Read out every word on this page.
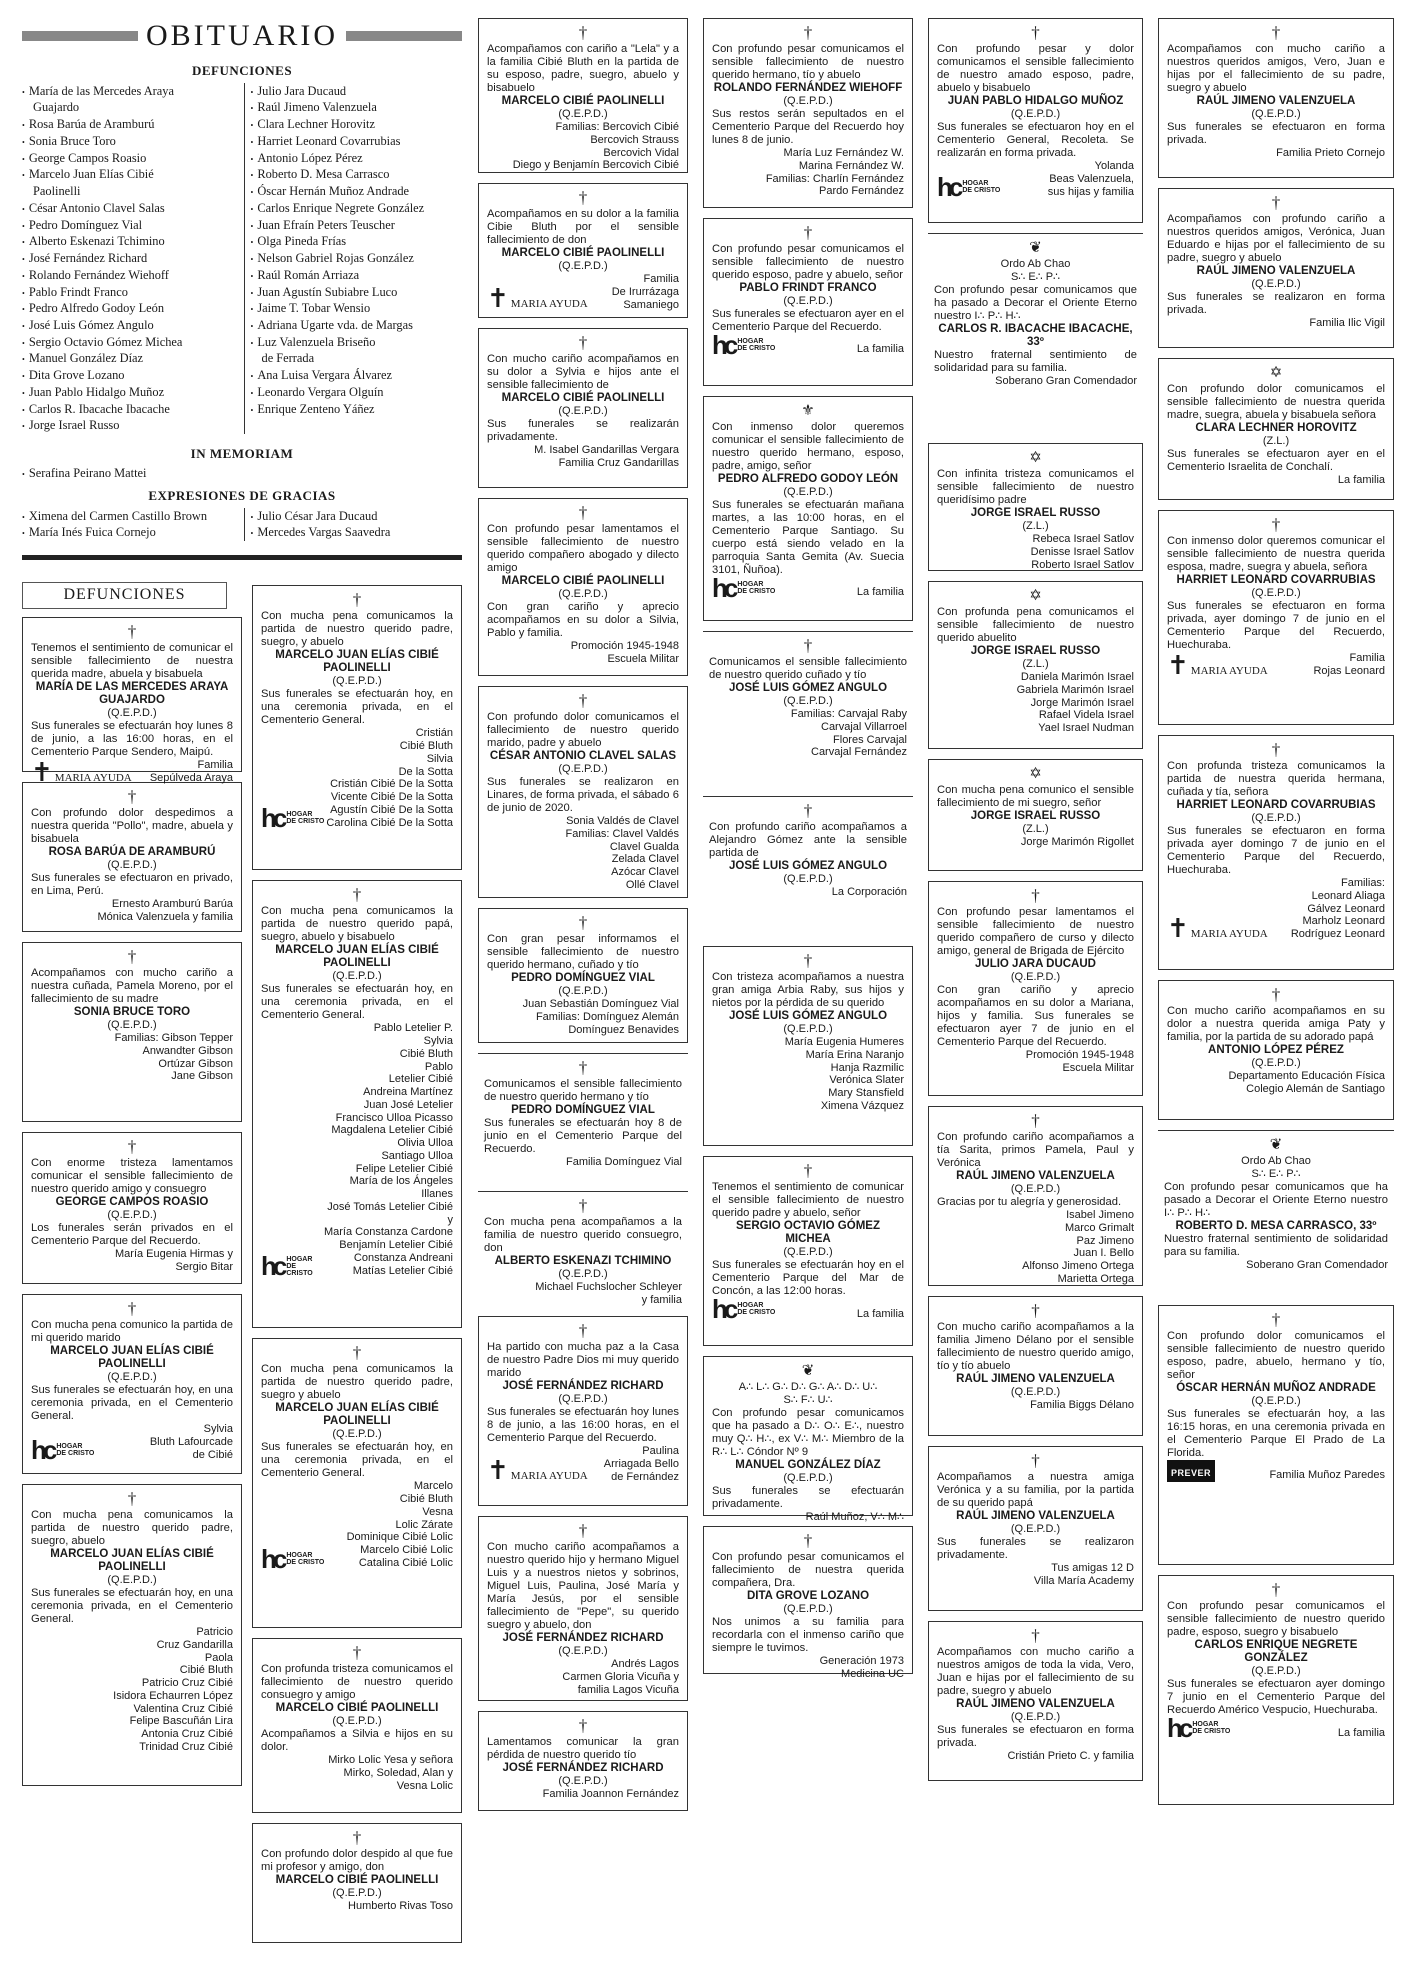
OBITUARIO
DEFUNCIONES
• María de las Mercedes Araya
Guajardo
• Rosa Barúa de Aramburú
• Sonia Bruce Toro
• George Campos Roasio
• Marcelo Juan Elías Cibié
Paolinelli
• César Antonio Clavel Salas
• Pedro Domínguez Vial
• Alberto Eskenazi Tchimino
• José Fernández Richard
• Rolando Fernández Wiehoff
• Pablo Frindt Franco
• Pedro Alfredo Godoy León
• José Luis Gómez Angulo
• Sergio Octavio Gómez Michea
• Manuel González Díaz
• Dita Grove Lozano
• Juan Pablo Hidalgo Muñoz
• Carlos R. Ibacache Ibacache
• Jorge Israel Russo
• Julio Jara Ducaud
• Raúl Jimeno Valenzuela
• Clara Lechner Horovitz
• Harriet Leonard Covarrubias
• Antonio López Pérez
• Roberto D. Mesa Carrasco
• Óscar Hernán Muñoz Andrade
• Carlos Enrique Negrete González
• Juan Efraín Peters Teuscher
• Olga Pineda Frías
• Nelson Gabriel Rojas González
• Raúl Román Arriaza
• Juan Agustín Subiabre Luco
• Jaime T. Tobar Wensio
• Adriana Ugarte vda. de Margas
• Luz Valenzuela Briseño
de Ferrada
• Ana Luisa Vergara Álvarez
• Leonardo Vergara Olguín
• Enrique Zenteno Yáñez
IN MEMORIAM
• Serafina Peirano Mattei
EXPRESIONES DE GRACIAS
• Ximena del Carmen Castillo Brown
• María Inés Fuica Cornejo
• Julio César Jara Ducaud
• Mercedes Vargas Saavedra
DEFUNCIONES
†
Tenemos el sentimiento de comunicar el sensible fallecimiento de nuestra querida madre, abuela y bisabuela
MARÍA DE LAS MERCEDES ARAYA GUAJARDO
(Q.E.P.D.)
Sus funerales se efectuarán hoy lunes 8 de junio, a las 16:00 horas, en el Cementerio Parque Sendero, Maipú.
✝ MARIA AYUDA
Familia
Sepúlveda Araya
†
Con profundo dolor despedimos a nuestra querida "Pollo", madre, abuela y bisabuela
ROSA BARÚA DE ARAMBURÚ
(Q.E.P.D.)
Sus funerales se efectuaron en privado, en Lima, Perú.
Ernesto Aramburú Barúa
Mónica Valenzuela y familia
†
Acompañamos con mucho cariño a nuestra cuñada, Pamela Moreno, por el fallecimiento de su madre
SONIA BRUCE TORO
(Q.E.P.D.)
Familias: Gibson Tepper
Anwandter Gibson
Ortúzar Gibson
Jane Gibson
†
Con enorme tristeza lamentamos comunicar el sensible fallecimiento de nuestro querido amigo y consuegro
GEORGE CAMPOS ROASIO
(Q.E.P.D.)
Los funerales serán privados en el Cementerio Parque del Recuerdo.
María Eugenia Hirmas y
Sergio Bitar
†
Con mucha pena comunico la partida de mi querido marido
MARCELO JUAN ELÍAS CIBIÉ PAOLINELLI
(Q.E.P.D.)
Sus funerales se efectuarán hoy, en una ceremonia privada, en el Cementerio General.
hc HOGAR
DE CRISTO
Sylvia
Bluth Lafourcade
de Cibié
†
Con mucha pena comunicamos la partida de nuestro querido padre, suegro, abuelo
MARCELO JUAN ELÍAS CIBIÉ PAOLINELLI
(Q.E.P.D.)
Sus funerales se efectuarán hoy, en una ceremonia privada, en el Cementerio General.
Patricio
Cruz Gandarilla
Paola
Cibié Bluth
Patricio Cruz Cibié
Isidora Echaurren López
Valentina Cruz Cibié
Felipe Bascuñán Lira
Antonia Cruz Cibié
Trinidad Cruz Cibié
†
Con mucha pena comunicamos la partida de nuestro querido padre, suegro, y abuelo
MARCELO JUAN ELÍAS CIBIÉ PAOLINELLI
(Q.E.P.D.)
Sus funerales se efectuarán hoy, en una ceremonia privada, en el Cementerio General.
hc HOGAR
DE CRISTO
Cristián
Cibié Bluth
Silvia
De la Sotta
Cristián Cibié De la Sotta
Vicente Cibié De la Sotta
Agustín Cibié De la Sotta
Carolina Cibié De la Sotta
†
Con mucha pena comunicamos la partida de nuestro querido papá, suegro, abuelo y bisabuelo
MARCELO JUAN ELÍAS CIBIÉ PAOLINELLI
(Q.E.P.D.)
Sus funerales se efectuarán hoy, en una ceremonia privada, en el Cementerio General.
hc HOGAR
DE CRISTO
Pablo Letelier P.
Sylvia
Cibié Bluth
Pablo
Letelier Cibié
Andreina Martínez
Juan José Letelier
Francisco Ulloa Picasso
Magdalena Letelier Cibié
Olivia Ulloa
Santiago Ulloa
Felipe Letelier Cibié
María de los Ángeles Illanes
José Tomás Letelier Cibié y
María Constanza Cardone
Benjamín Letelier Cibié
Constanza Andreani
Matías Letelier Cibié
†
Con mucha pena comunicamos la partida de nuestro querido padre, suegro y abuelo
MARCELO JUAN ELÍAS CIBIÉ PAOLINELLI
(Q.E.P.D.)
Sus funerales se efectuarán hoy, en una ceremonia privada, en el Cementerio General.
hc HOGAR
DE CRISTO
Marcelo
Cibié Bluth
Vesna
Lolic Zárate
Dominique Cibié Lolic
Marcelo Cibié Lolic
Catalina Cibié Lolic
†
Con profunda tristeza comunicamos el fallecimiento de nuestro querido consuegro y amigo
MARCELO CIBIÉ PAOLINELLI
(Q.E.P.D.)
Acompañamos a Silvia e hijos en su dolor.
Mirko Lolic Yesa y señora
Mirko, Soledad, Alan y
Vesna Lolic
†
Con profundo dolor despido al que fue mi profesor y amigo, don
MARCELO CIBIÉ PAOLINELLI
(Q.E.P.D.)
Humberto Rivas Toso
†
Acompañamos con cariño a "Lela" y a la familia Cibié Bluth en la partida de su esposo, padre, suegro, abuelo y bisabuelo
MARCELO CIBIÉ PAOLINELLI
(Q.E.P.D.)
Familias: Bercovich Cibié
Bercovich Strauss
Bercovich Vidal
Diego y Benjamín Bercovich Cibié
†
Acompañamos en su dolor a la familia Cibie Bluth por el sensible fallecimiento de don
MARCELO CIBIÉ PAOLINELLI
(Q.E.P.D.)
✝ MARIA AYUDA
Familia
De Irurrázaga
Samaniego
†
Con mucho cariño acompañamos en su dolor a Sylvia e hijos ante el sensible fallecimiento de
MARCELO CIBIÉ PAOLINELLI
(Q.E.P.D.)
Sus funerales se realizarán privadamente.
M. Isabel Gandarillas Vergara
Familia Cruz Gandarillas
†
Con profundo pesar lamentamos el sensible fallecimiento de nuestro querido compañero abogado y dilecto amigo
MARCELO CIBIÉ PAOLINELLI
(Q.E.P.D.)
Con gran cariño y aprecio acompañamos en su dolor a Silvia, Pablo y familia.
Promoción 1945-1948
Escuela Militar
†
Con profundo dolor comunicamos el fallecimiento de nuestro querido marido, padre y abuelo
CÉSAR ANTONIO CLAVEL SALAS
(Q.E.P.D.)
Sus funerales se realizaron en Linares, de forma privada, el sábado 6 de junio de 2020.
Sonia Valdés de Clavel
Familias: Clavel Valdés
Clavel Gualda
Zelada Clavel
Azócar Clavel
Ollé Clavel
†
Con gran pesar informamos el sensible fallecimiento de nuestro querido hermano, cuñado y tío
PEDRO DOMÍNGUEZ VIAL
(Q.E.P.D.)
Juan Sebastián Domínguez Vial
Familias: Domínguez Alemán
Domínguez Benavides
†
Comunicamos el sensible fallecimiento de nuestro querido hermano y tío
PEDRO DOMÍNGUEZ VIAL
Sus funerales se efectuarán hoy 8 de junio en el Cementerio Parque del Recuerdo.
Familia Domínguez Vial
†
Con mucha pena acompañamos a la familia de nuestro querido consuegro, don
ALBERTO ESKENAZI TCHIMINO
(Q.E.P.D.)
Michael Fuchslocher Schleyer
y familia
†
Ha partido con mucha paz a la Casa de nuestro Padre Dios mi muy querido marido
JOSÉ FERNÁNDEZ RICHARD
(Q.E.P.D.)
Sus funerales se efectuarán hoy lunes 8 de junio, a las 16:00 horas, en el Cementerio Parque del Recuerdo.
✝ MARIA AYUDA
Paulina
Arriagada Bello
de Fernández
†
Con mucho cariño acompañamos a nuestro querido hijo y hermano Miguel Luis y a nuestros nietos y sobrinos, Miguel Luis, Paulina, José María y María Jesús, por el sensible fallecimiento de "Pepe", su querido suegro y abuelo, don
JOSÉ FERNÁNDEZ RICHARD
(Q.E.P.D.)
Andrés Lagos
Carmen Gloria Vicuña y
familia Lagos Vicuña
†
Lamentamos comunicar la gran pérdida de nuestro querido tío
JOSÉ FERNÁNDEZ RICHARD
(Q.E.P.D.)
Familia Joannon Fernández
†
Con profundo pesar comunicamos el sensible fallecimiento de nuestro querido hermano, tío y abuelo
ROLANDO FERNÁNDEZ WIEHOFF
(Q.E.P.D.)
Sus restos serán sepultados en el Cementerio Parque del Recuerdo hoy lunes 8 de junio.
María Luz Fernández W.
Marina Fernández W.
Familias: Charlín Fernández
Pardo Fernández
†
Con profundo pesar comunicamos el sensible fallecimiento de nuestro querido esposo, padre y abuelo, señor
PABLO FRINDT FRANCO
(Q.E.P.D.)
Sus funerales se efectuaron ayer en el Cementerio Parque del Recuerdo.
hc HOGAR
DE CRISTO	La familia
⚜
Con inmenso dolor queremos comunicar el sensible fallecimiento de nuestro querido hermano, esposo, padre, amigo, señor
PEDRO ALFREDO GODOY LEÓN
(Q.E.P.D.)
Sus funerales se efectuarán mañana martes, a las 10:00 horas, en el Cementerio Parque Santiago. Su cuerpo está siendo velado en la parroquia Santa Gemita (Av. Suecia 3101, Ñuñoa).
hc HOGAR
DE CRISTO	La familia
†
Comunicamos el sensible fallecimiento de nuestro querido cuñado y tío
JOSÉ LUIS GÓMEZ ANGULO
(Q.E.P.D.)
Familias: Carvajal Raby
Carvajal Villarroel
Flores Carvajal
Carvajal Fernández
†
Con profundo cariño acompañamos a Alejandro Gómez ante la sensible partida de
JOSÉ LUIS GÓMEZ ANGULO
(Q.E.P.D.)
La Corporación
†
Con tristeza acompañamos a nuestra gran amiga Arbia Raby, sus hijos y nietos por la pérdida de su querido
JOSÉ LUIS GÓMEZ ANGULO
(Q.E.P.D.)
María Eugenia Humeres
María Erina Naranjo
Hanja Razmilic
Verónica Slater
Mary Stansfield
Ximena Vázquez
†
Tenemos el sentimiento de comunicar el sensible fallecimiento de nuestro querido padre y abuelo, señor
SERGIO OCTAVIO GÓMEZ MICHEA
(Q.E.P.D.)
Sus funerales se efectuarán hoy en el Cementerio Parque del Mar de Concón, a las 12:00 horas.
hc HOGAR
DE CRISTO	La familia
❦
A∴ L∴ G∴ D∴ G∴ A∴ D∴ U∴
S∴ F∴ U∴
Con profundo pesar comunicamos que ha pasado a D∴ O∴ E∴, nuestro muy Q∴ H∴, ex V∴ M∴ Miembro de la R∴ L∴ Cóndor Nº 9
MANUEL GONZÁLEZ DÍAZ
(Q.E.P.D.)
Sus funerales se efectuarán privadamente.
Raúl Muñoz, V∴ M∴
†
Con profundo pesar comunicamos el fallecimiento de nuestra querida compañera, Dra.
DITA GROVE LOZANO
(Q.E.P.D.)
Nos unimos a su familia para recordarla con el inmenso cariño que siempre le tuvimos.
Generación 1973
Medicina UC
†
Con profundo pesar y dolor comunicamos el sensible fallecimiento de nuestro amado esposo, padre, abuelo y bisabuelo
JUAN PABLO HIDALGO MUÑOZ
(Q.E.P.D.)
Sus funerales se efectuaron hoy en el Cementerio General, Recoleta. Se realizarán en forma privada.
hc HOGAR
DE CRISTO
Yolanda
Beas Valenzuela,
sus hijas y familia
❦
Ordo Ab Chao
S∴ E∴ P∴
Con profundo pesar comunicamos que ha pasado a Decorar el Oriente Eterno nuestro I∴ P∴ H∴
CARLOS R. IBACACHE IBACACHE, 33º
Nuestro fraternal sentimiento de solidaridad para su familia.
Soberano Gran Comendador
✡
Con infinita tristeza comunicamos el sensible fallecimiento de nuestro queridísimo padre
JORGE ISRAEL RUSSO
(Z.L.)
Rebeca Israel Satlov
Denisse Israel Satlov
Roberto Israel Satlov
✡
Con profunda pena comunicamos el sensible fallecimiento de nuestro querido abuelito
JORGE ISRAEL RUSSO
(Z.L.)
Daniela Marimón Israel
Gabriela Marimón Israel
Jorge Marimón Israel
Rafael Videla Israel
Yael Israel Nudman
✡
Con mucha pena comunico el sensible fallecimiento de mi suegro, señor
JORGE ISRAEL RUSSO
(Z.L.)
Jorge Marimón Rigollet
†
Con profundo pesar lamentamos el sensible fallecimiento de nuestro querido compañero de curso y dilecto amigo, general de Brigada de Ejército
JULIO JARA DUCAUD
(Q.E.P.D.)
Con gran cariño y aprecio acompañamos en su dolor a Mariana, hijos y familia. Sus funerales se efectuaron ayer 7 de junio en el Cementerio Parque del Recuerdo.
Promoción 1945-1948
Escuela Militar
†
Con profundo cariño acompañamos a tía Sarita, primos Pamela, Paul y Verónica
RAÚL JIMENO VALENZUELA
(Q.E.P.D.)
Gracias por tu alegría y generosidad.
Isabel Jimeno
Marco Grimalt
Paz Jimeno
Juan I. Bello
Alfonso Jimeno Ortega
Marietta Ortega
†
Con mucho cariño acompañamos a la familia Jimeno Délano por el sensible fallecimiento de nuestro querido amigo, tío y tío abuelo
RAÚL JIMENO VALENZUELA
(Q.E.P.D.)
Familia Biggs Délano
†
Acompañamos a nuestra amiga Verónica y a su familia, por la partida de su querido papá
RAÚL JIMENO VALENZUELA
(Q.E.P.D.)
Sus funerales se realizaron privadamente.
Tus amigas 12 D
Villa María Academy
†
Acompañamos con mucho cariño a nuestros amigos de toda la vida, Vero, Juan e hijas por el fallecimiento de su padre, suegro y abuelo
RAÚL JIMENO VALENZUELA
(Q.E.P.D.)
Sus funerales se efectuaron en forma privada.
Cristián Prieto C. y familia
†
Acompañamos con mucho cariño a nuestros queridos amigos, Vero, Juan e hijas por el fallecimiento de su padre, suegro y abuelo
RAÚL JIMENO VALENZUELA
(Q.E.P.D.)
Sus funerales se efectuaron en forma privada.
Familia Prieto Cornejo
†
Acompañamos con profundo cariño a nuestros queridos amigos, Verónica, Juan Eduardo e hijas por el fallecimiento de su padre, suegro y abuelo
RAÚL JIMENO VALENZUELA
(Q.E.P.D.)
Sus funerales se realizaron en forma privada.
Familia Ilic Vigil
✡
Con profundo dolor comunicamos el sensible fallecimiento de nuestra querida madre, suegra, abuela y bisabuela señora
CLARA LECHNER HOROVITZ
(Z.L.)
Sus funerales se efectuaron ayer en el Cementerio Israelita de Conchalí.
La familia
†
Con inmenso dolor queremos comunicar el sensible fallecimiento de nuestra querida esposa, madre, suegra y abuela, señora
HARRIET LEONARD COVARRUBIAS
(Q.E.P.D.)
Sus funerales se efectuaron en forma privada, ayer domingo 7 de junio en el Cementerio Parque del Recuerdo, Huechuraba.
✝ MARIA AYUDA
Familia
Rojas Leonard
†
Con profunda tristeza comunicamos la partida de nuestra querida hermana, cuñada y tía, señora
HARRIET LEONARD COVARRUBIAS
(Q.E.P.D.)
Sus funerales se efectuaron en forma privada ayer domingo 7 de junio en el Cementerio Parque del Recuerdo, Huechuraba.
✝ MARIA AYUDA
Familias:
Leonard Aliaga
Gálvez Leonard
Marholz Leonard
Rodríguez Leonard
†
Con mucho cariño acompañamos en su dolor a nuestra querida amiga Paty y familia, por la partida de su adorado papá
ANTONIO LÓPEZ PÉREZ
(Q.E.P.D.)
Departamento Educación Física
Colegio Alemán de Santiago
❦
Ordo Ab Chao
S∴ E∴ P∴
Con profundo pesar comunicamos que ha pasado a Decorar el Oriente Eterno nuestro I∴ P∴ H∴
ROBERTO D. MESA CARRASCO, 33º
Nuestro fraternal sentimiento de solidaridad para su familia.
Soberano Gran Comendador
†
Con profundo dolor comunicamos el sensible fallecimiento de nuestro querido esposo, padre, abuelo, hermano y tío, señor
ÓSCAR HERNÁN MUÑOZ ANDRADE
(Q.E.P.D.)
Sus funerales se efectuarán hoy, a las 16:15 horas, en una ceremonia privada en el Cementerio Parque El Prado de La Florida.
PREVER	Familia Muñoz Paredes
†
Con profundo pesar comunicamos el sensible fallecimiento de nuestro querido padre, esposo, suegro y bisabuelo
CARLOS ENRIQUE NEGRETE GONZÁLEZ
(Q.E.P.D.)
Sus funerales se efectuaron ayer domingo 7 junio en el Cementerio Parque del Recuerdo Américo Vespucio, Huechuraba.
hc HOGAR
DE CRISTO	La familia
